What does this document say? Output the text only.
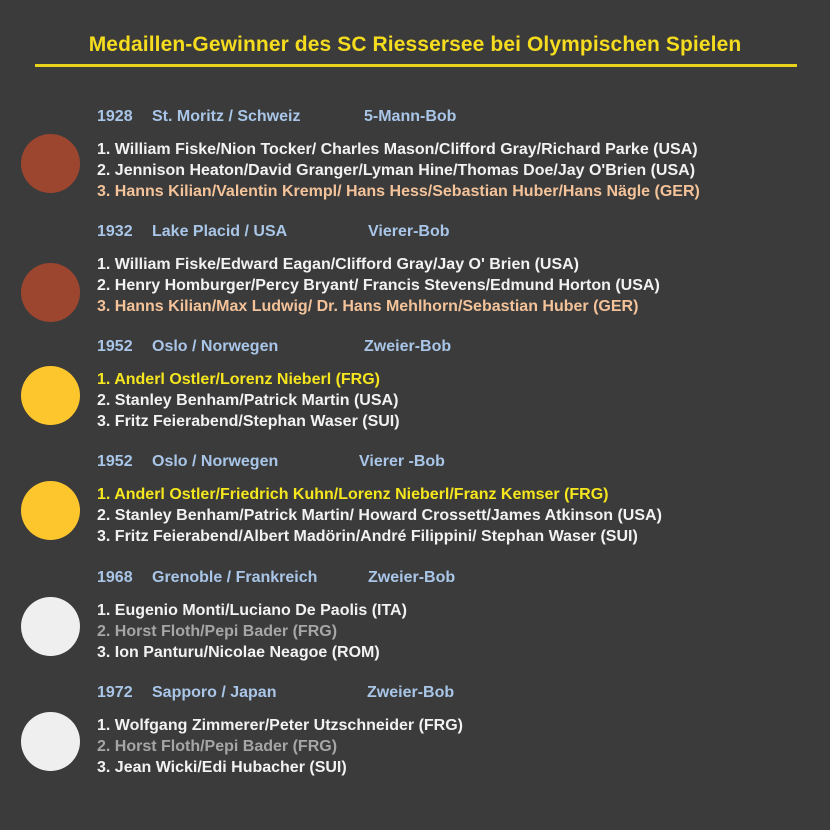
Medaillen-Gewinner des SC Riessersee bei Olympischen Spielen
1928 St. Moritz / Schweiz	5-Mann-Bob
1. William Fiske/Nion Tocker/ Charles Mason/Clifford Gray/Richard Parke (USA)
2. Jennison Heaton/David Granger/Lyman Hine/Thomas Doe/Jay O'Brien (USA)
3. Hanns Kilian/Valentin Krempl/ Hans Hess/Sebastian Huber/Hans Nägle (GER)
1932 Lake Placid / USA	Vierer-Bob
1. William Fiske/Edward Eagan/Clifford Gray/Jay O' Brien (USA)
2. Henry Homburger/Percy Bryant/ Francis Stevens/Edmund Horton (USA)
3. Hanns Kilian/Max Ludwig/ Dr. Hans Mehlhorn/Sebastian Huber (GER)
1952 Oslo / Norwegen	Zweier-Bob
1. Anderl Ostler/Lorenz Nieberl (FRG)
2. Stanley Benham/Patrick Martin (USA)
3. Fritz Feierabend/Stephan Waser (SUI)
1952 Oslo / Norwegen	Vierer -Bob
1. Anderl Ostler/Friedrich Kuhn/Lorenz Nieberl/Franz Kemser (FRG)
2. Stanley Benham/Patrick Martin/ Howard Crossett/James Atkinson (USA)
3. Fritz Feierabend/Albert Madörin/André Filippini/ Stephan Waser (SUI)
1968 Grenoble / Frankreich	Zweier-Bob
1. Eugenio Monti/Luciano De Paolis (ITA)
2. Horst Floth/Pepi Bader (FRG)
3. Ion Panturu/Nicolae Neagoe (ROM)
1972 Sapporo / Japan	Zweier-Bob
1. Wolfgang Zimmerer/Peter Utzschneider (FRG)
2. Horst Floth/Pepi Bader (FRG)
3. Jean Wicki/Edi Hubacher (SUI)
